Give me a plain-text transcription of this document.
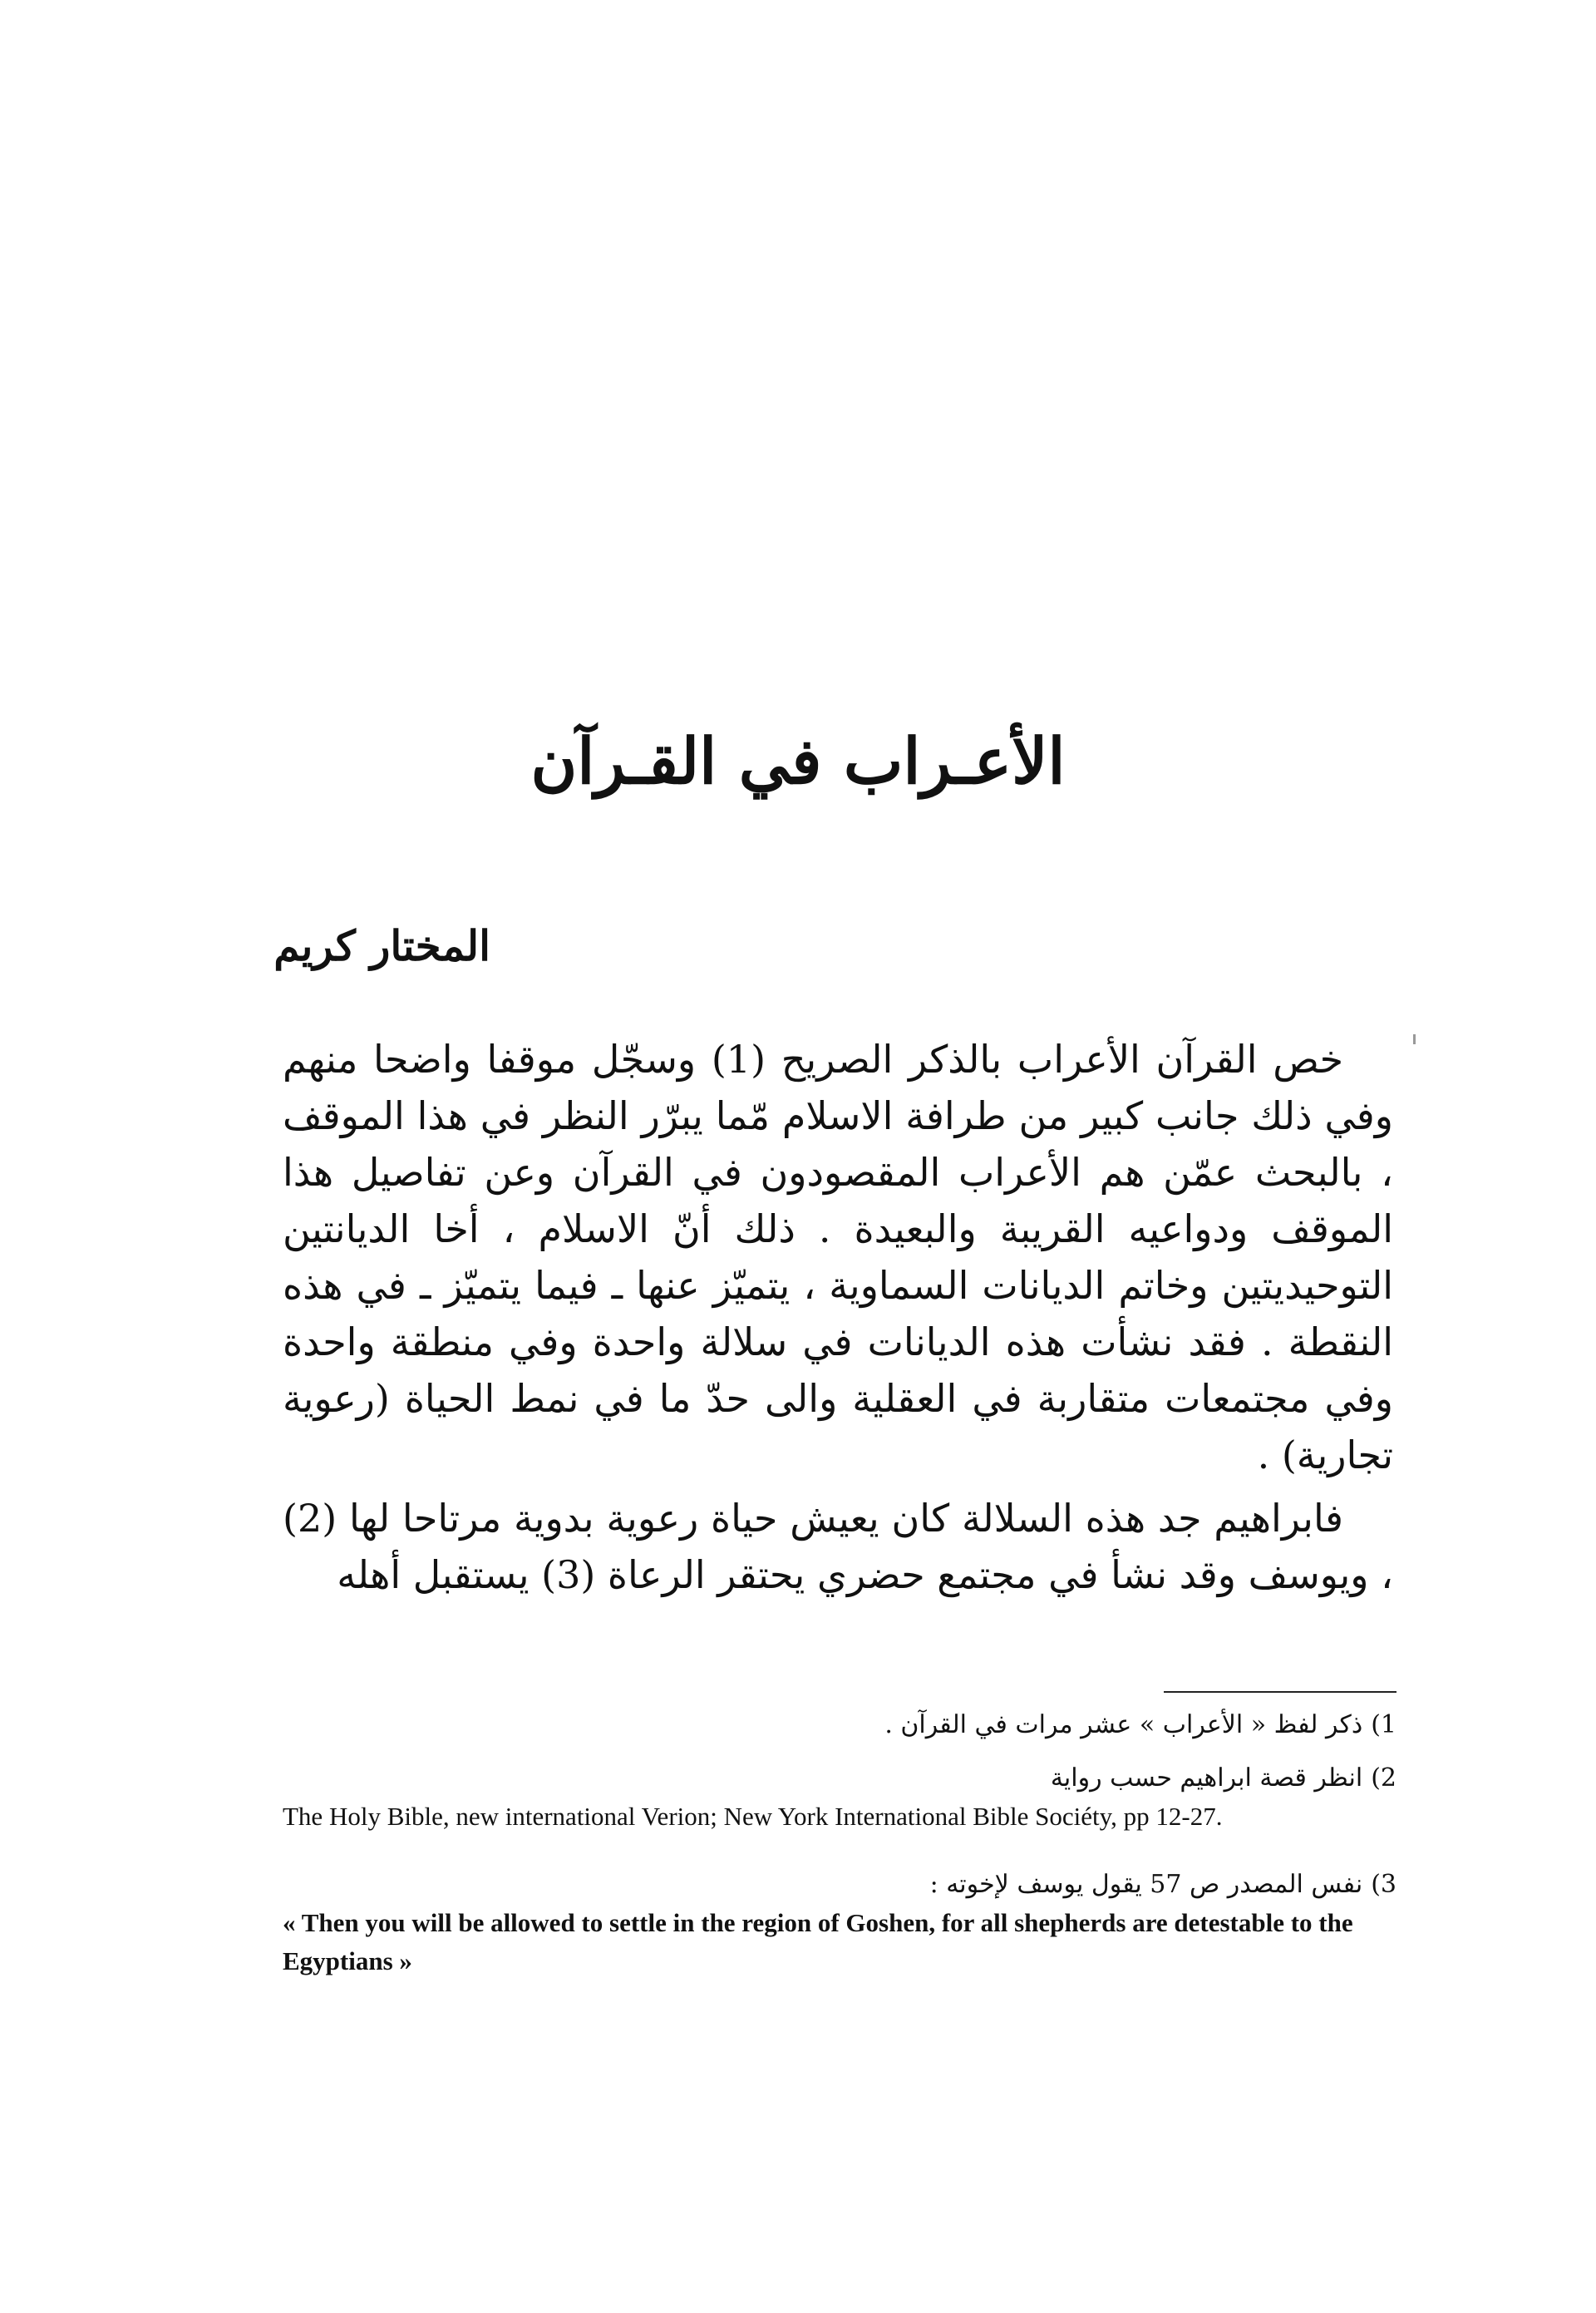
الأعـراب في القـرآن
المختار كريم

خص القرآن الأعراب بالذكر الصريح (1) وسجّل موقفا واضحا منهم وفي ذلك جانب كبير من طرافة الاسلام مّما يبرّر النظر في هذا الموقف ، بالبحث عمّن هم الأعراب المقصودون في القرآن وعن تفاصيل هذا الموقف ودواعيه القريبة والبعيدة . ذلك أنّ الاسلام ، أخا الديانتين التوحيديتين وخاتم الديانات السماوية ، يتميّز عنها ـ فيما يتميّز ـ في هذه النقطة . فقد نشأت هذه الديانات في سلالة واحدة وفي منطقة واحدة وفي مجتمعات متقاربة في العقلية والى حدّ ما في نمط الحياة (رعوية تجارية) .

فابراهيم جد هذه السلالة كان يعيش حياة رعوية بدوية مرتاحا لها (2) ، ويوسف وقد نشأ في مجتمع حضري يحتقر الرعاة (3) يستقبل أهله

1)ذكر لفظ « الأعراب » عشر مرات في القرآن .

2)انظر قصة ابراهيم حسب رواية

The Holy Bible, new international Verion; New York International Bible Sociéty, pp 12-27.

3)نفس المصدر ص 57 يقول يوسف لإخوته :

« Then you will be allowed to settle in the region of Goshen, for all shepherds are detestable to the Egyptians »
